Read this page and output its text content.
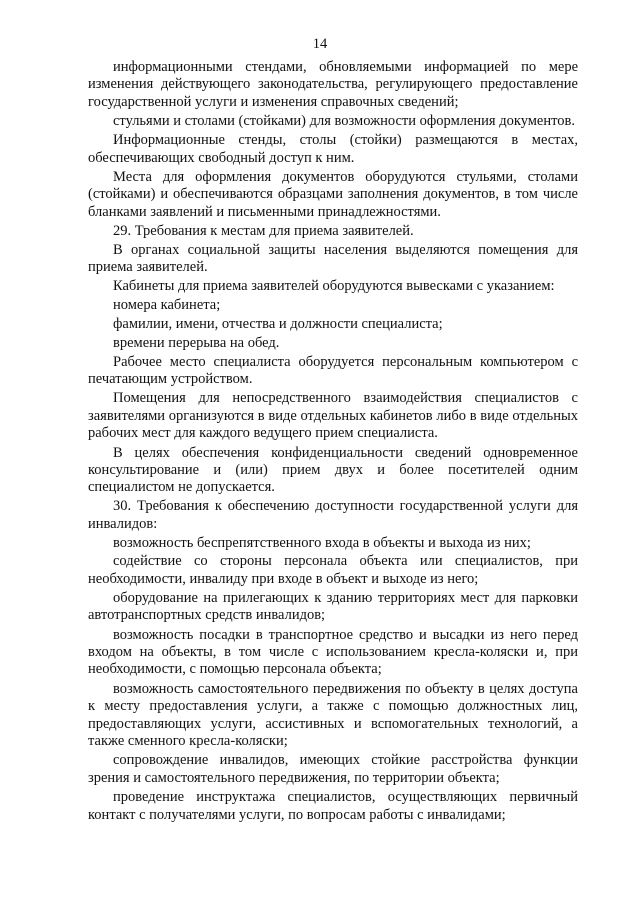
14

информационными стендами, обновляемыми информацией по мере изменения действующего законодательства, регулирующего предоставление государственной услуги и изменения справочных сведений;

стульями и столами (стойками) для возможности оформления документов.

Информационные стенды, столы (стойки) размещаются в местах, обеспечивающих свободный доступ к ним.

Места для оформления документов оборудуются стульями, столами (стойками) и обеспечиваются образцами заполнения документов, в том числе бланками заявлений и письменными принадлежностями.

29. Требования к местам для приема заявителей.

В органах социальной защиты населения выделяются помещения для приема заявителей.

Кабинеты для приема заявителей оборудуются вывесками с указанием:

номера кабинета;

фамилии, имени, отчества и должности специалиста;

времени перерыва на обед.

Рабочее место специалиста оборудуется персональным компьютером с печатающим устройством.

Помещения для непосредственного взаимодействия специалистов с заявителями организуются в виде отдельных кабинетов либо в виде отдельных рабочих мест для каждого ведущего прием специалиста.

В целях обеспечения конфиденциальности сведений одновременное консультирование и (или) прием двух и более посетителей одним специалистом не допускается.

30. Требования к обеспечению доступности государственной услуги для инвалидов:

возможность беспрепятственного входа в объекты и выхода из них;

содействие со стороны персонала объекта или специалистов, при необходимости, инвалиду при входе в объект и выходе из него;

оборудование на прилегающих к зданию территориях мест для парковки автотранспортных средств инвалидов;

возможность посадки в транспортное средство и высадки из него перед входом на объекты, в том числе с использованием кресла-коляски и, при необходимости, с помощью персонала объекта;

возможность самостоятельного передвижения по объекту в целях доступа к месту предоставления услуги, а также с помощью должностных лиц, предоставляющих услуги, ассистивных и вспомогательных технологий, а также сменного кресла-коляски;

сопровождение инвалидов, имеющих стойкие расстройства функции зрения и самостоятельного передвижения, по территории объекта;

проведение инструктажа специалистов, осуществляющих первичный контакт с получателями услуги, по вопросам работы с инвалидами;
